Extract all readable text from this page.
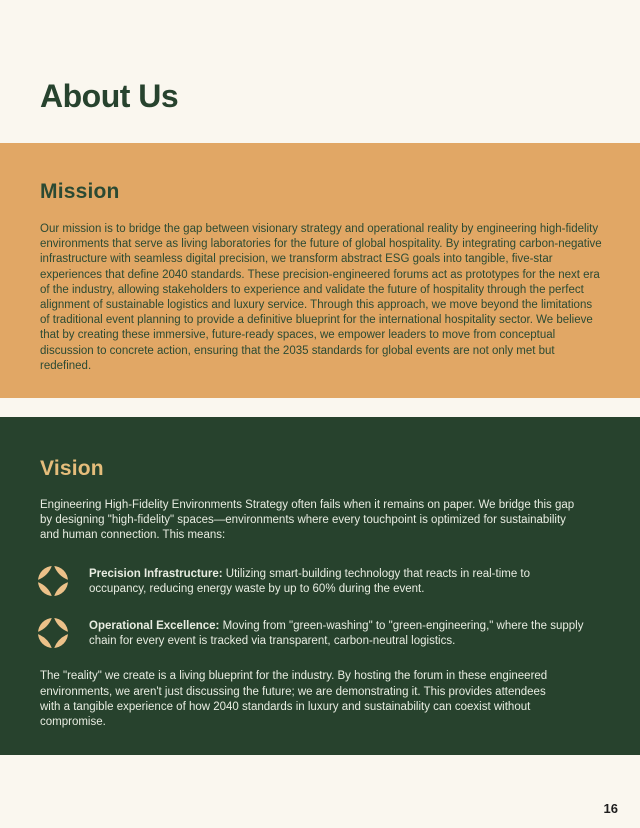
About Us
Mission

Our mission is to bridge the gap between visionary strategy and operational reality by engineering high-fidelity environments that serve as living laboratories for the future of global hospitality. By integrating carbon-negative infrastructure with seamless digital precision, we transform abstract ESG goals into tangible, five-star experiences that define 2040 standards. These precision-engineered forums act as prototypes for the next era of the industry, allowing stakeholders to experience and validate the future of hospitality through the perfect alignment of sustainable logistics and luxury service. Through this approach, we move beyond the limitations of traditional event planning to provide a definitive blueprint for the international hospitality sector. We believe that by creating these immersive, future-ready spaces, we empower leaders to move from conceptual discussion to concrete action, ensuring that the 2035 standards for global events are not only met but redefined.

Vision

Engineering High-Fidelity Environments Strategy often fails when it remains on paper. We bridge this gap by designing "high-fidelity" spaces—environments where every touchpoint is optimized for sustainability and human connection. This means:

Precision Infrastructure: Utilizing smart-building technology that reacts in real-time to occupancy, reducing energy waste by up to 60% during the event.

Operational Excellence: Moving from "green-washing" to "green-engineering," where the supply chain for every event is tracked via transparent, carbon-neutral logistics.

The "reality" we create is a living blueprint for the industry. By hosting the forum in these engineered environments, we aren't just discussing the future; we are demonstrating it. This provides attendees with a tangible experience of how 2040 standards in luxury and sustainability can coexist without compromise.

16
